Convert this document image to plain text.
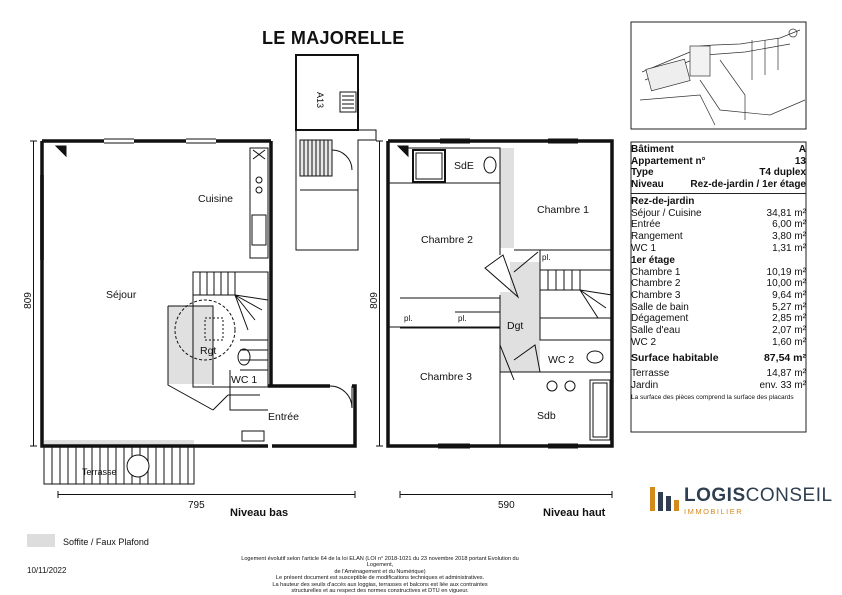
LE MAJORELLE
Cuisine
Séjour
Rgt
WC 1
Entrée
Terrasse
A13
SdE
Chambre 1
Chambre 2
Chambre 3
Dgt
WC 2
Sdb
pl.
pl.	pl.
795
809
590
809
Niveau bas	Niveau haut
Bâtiment	A
Appartement n°	13
Type	T4 duplex
Niveau	Rez-de-jardin / 1er étage
Rez-de-jardin
Séjour / Cuisine	34,81 m²
Entrée	6,00 m²
Rangement	3,80 m²
WC 1	1,31 m²
1er étage
Chambre 1	10,19 m²
Chambre 2	10,00 m²
Chambre 3	9,64 m²
Salle de bain	5,27 m²
Dégagement	2,85 m²
Salle d'eau	2,07 m²
WC 2	1,60 m²
Surface habitable	87,54 m²
Terrasse	14,87 m²
Jardin	env. 33 m²
La surface des pièces comprend la surface des placards
LOGISCONSEIL
IMMOBILIER
Soffite / Faux Plafond
10/11/2022
Logement évolutif selon l'article 64 de la loi ELAN (LOI n° 2018-1021 du 23 novembre 2018 portant Evolution du Logement,
de l'Aménagement et du Numérique)
Le présent document est susceptible de modifications techniques et administratives.
La hauteur des seuils d'accès aux loggias, terrasses et balcons est liée aux contraintes
structurelles et au respect des normes constructives et DTU en vigueur.
